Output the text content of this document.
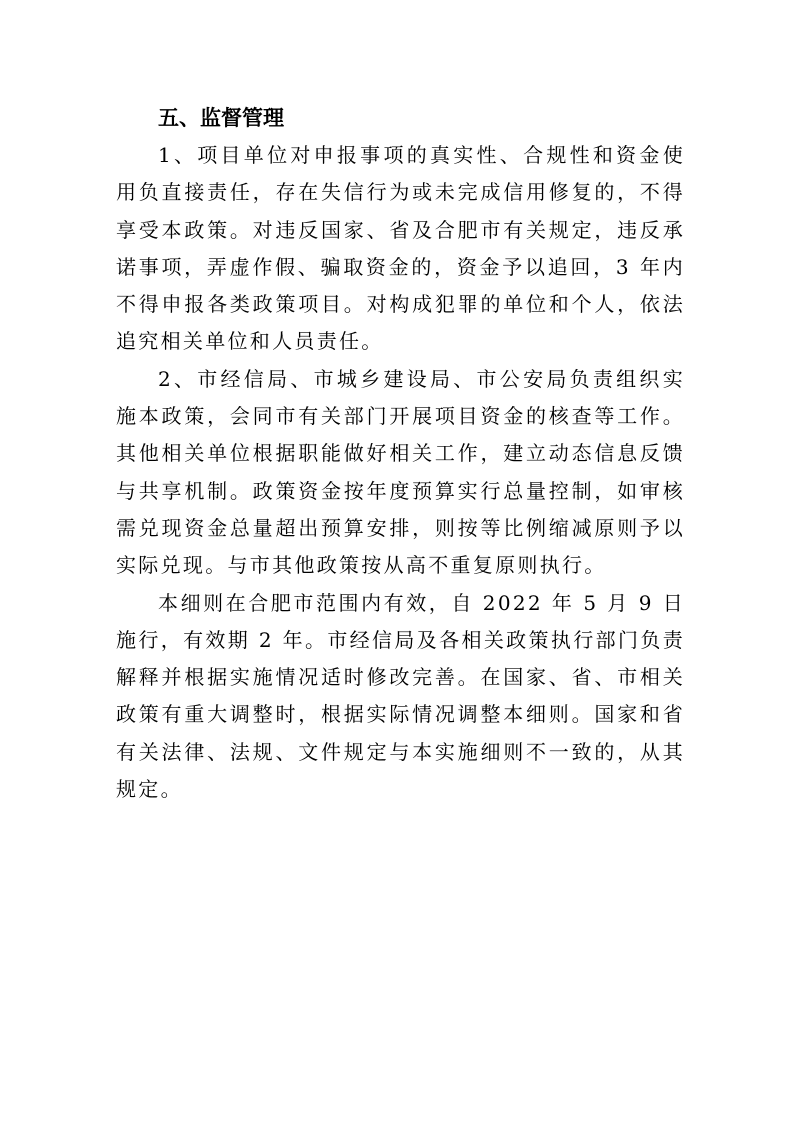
五、监督管理

1、项目单位对申报事项的真实性、合规性和资金使用负直接责任，存在失信行为或未完成信用修复的，不得享受本政策。对违反国家、省及合肥市有关规定，违反承诺事项，弄虚作假、骗取资金的，资金予以追回，3 年内不得申报各类政策项目。对构成犯罪的单位和个人，依法追究相关单位和人员责任。

2、市经信局、市城乡建设局、市公安局负责组织实施本政策，会同市有关部门开展项目资金的核查等工作。其他相关单位根据职能做好相关工作，建立动态信息反馈与共享机制。政策资金按年度预算实行总量控制，如审核需兑现资金总量超出预算安排，则按等比例缩减原则予以实际兑现。与市其他政策按从高不重复原则执行。

本细则在合肥市范围内有效，自 2022 年 5 月 9 日施行，有效期 2 年。市经信局及各相关政策执行部门负责解释并根据实施情况适时修改完善。在国家、省、市相关政策有重大调整时，根据实际情况调整本细则。国家和省有关法律、法规、文件规定与本实施细则不一致的，从其规定。
